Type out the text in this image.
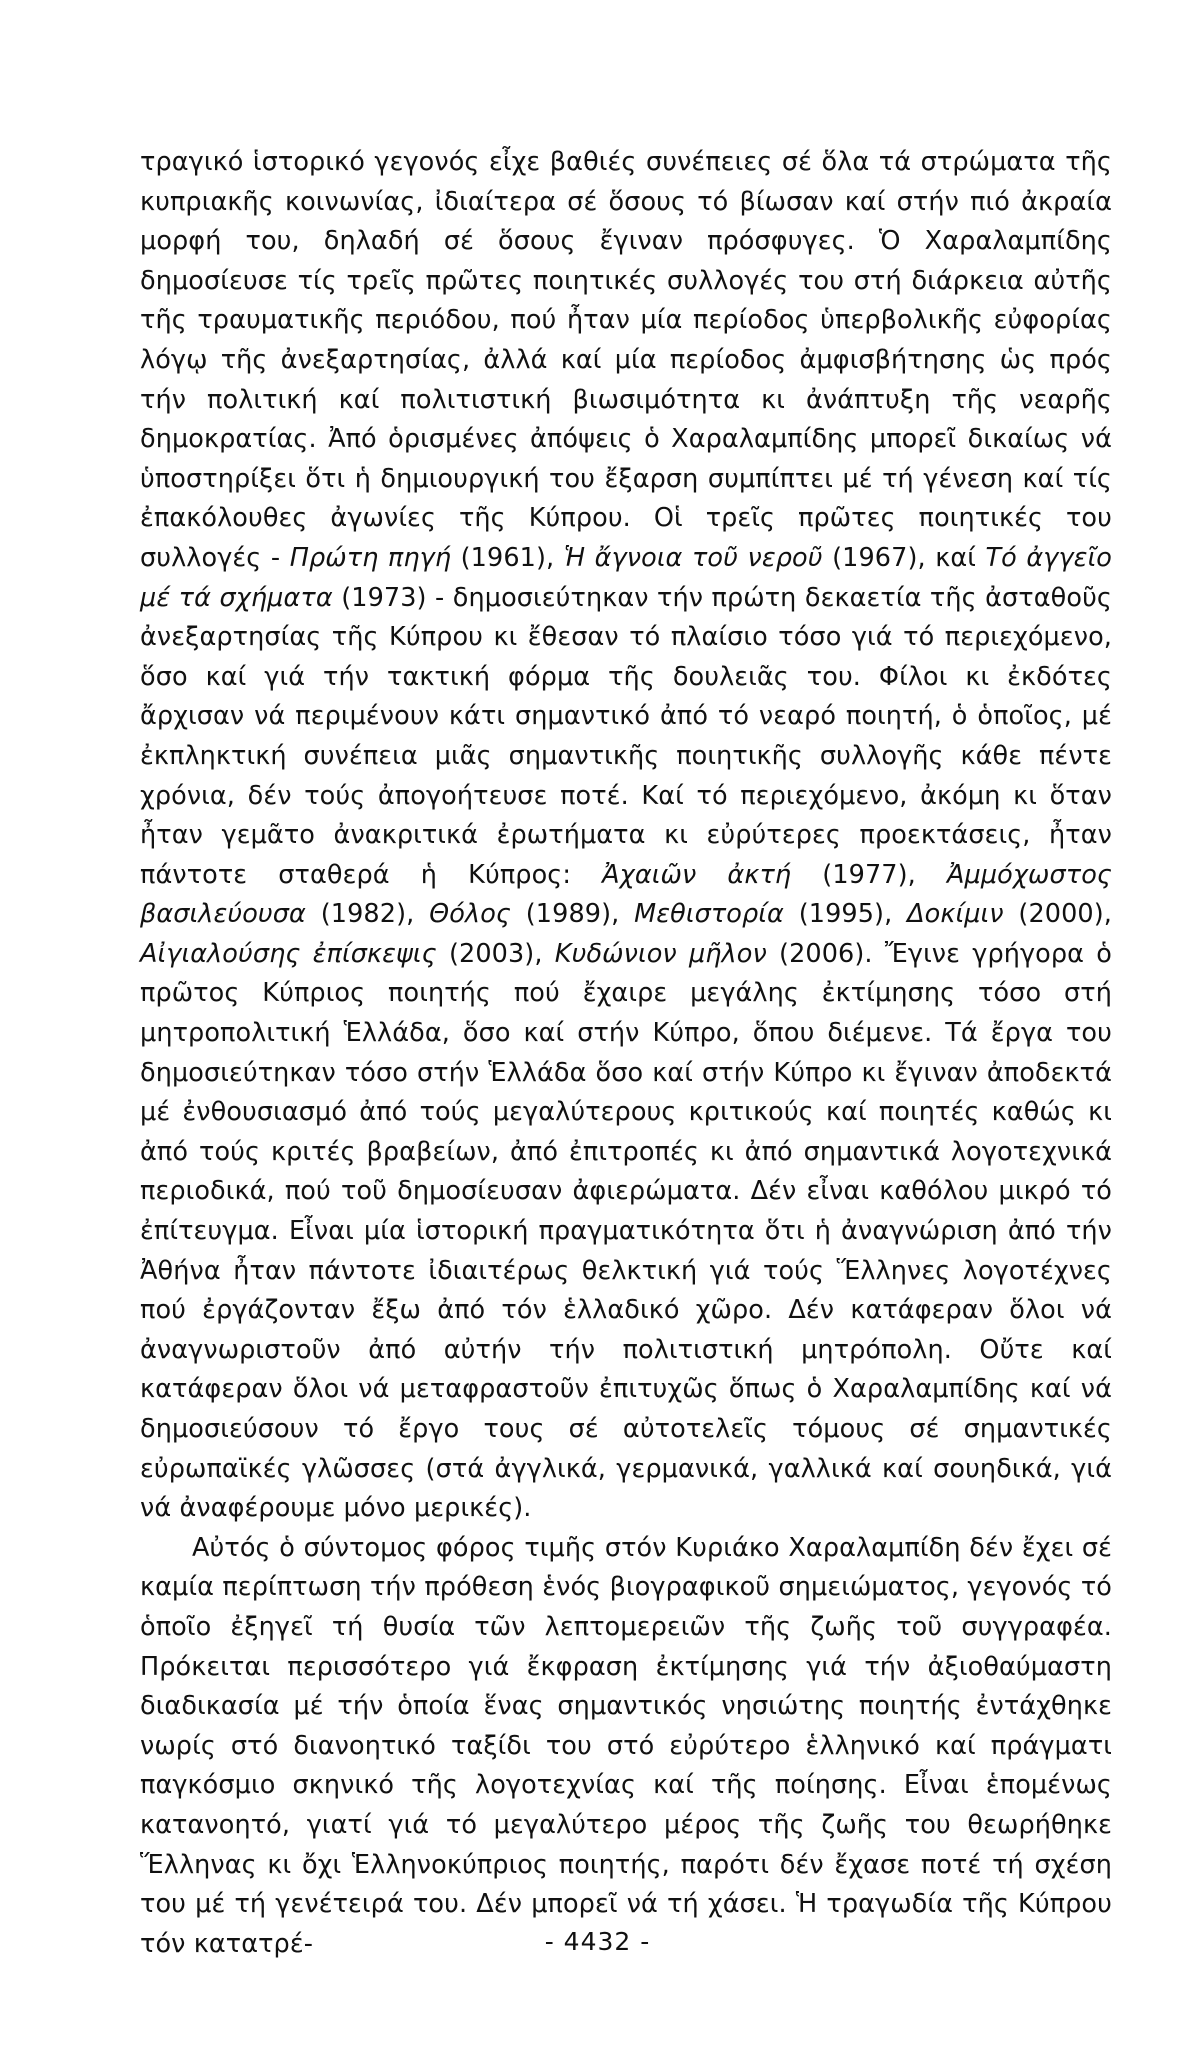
τραγικό ἱστορικό γεγονός εἶχε βαθιές συνέπειες σέ ὅλα τά στρώματα τῆς κυπριακῆς κοινωνίας, ἰδιαίτερα σέ ὅσους τό βίωσαν καί στήν πιό ἀκραία μορφή του, δηλαδή σέ ὅσους ἔγιναν πρόσφυγες. Ὁ Χαραλαμπίδης δημοσίευσε τίς τρεῖς πρῶτες ποιητικές συλλογές του στή διάρκεια αὐτῆς τῆς τραυματικῆς περιόδου, πού ἦταν μία περίοδος ὑπερβολικῆς εὐφορίας λόγῳ τῆς ἀνεξαρτησίας, ἀλλά καί μία περίοδος ἀμφισβήτησης ὡς πρός τήν πολιτική καί πολιτιστική βιωσιμότητα κι ἀνάπτυξη τῆς νεαρῆς δημοκρατίας. Ἀπό ὁρισμένες ἀπόψεις ὁ Χαραλαμπίδης μπορεῖ δικαίως νά ὑποστηρίξει ὅτι ἡ δημιουργική του ἔξαρση συμπίπτει μέ τή γένεση καί τίς ἐπακόλουθες ἀγωνίες τῆς Κύπρου. Οἱ τρεῖς πρῶτες ποιητικές του συλλογές - Πρώτη πηγή (1961), Ἡ ἄγνοια τοῦ νεροῦ (1967), καί Τό ἀγγεῖο μέ τά σχήματα (1973) - δημοσιεύτηκαν τήν πρώτη δεκαετία τῆς ἀσταθοῦς ἀνεξαρτησίας τῆς Κύπρου κι ἔθεσαν τό πλαίσιο τόσο γιά τό περιεχόμενο, ὅσο καί γιά τήν τακτική φόρμα τῆς δουλειᾶς του. Φίλοι κι ἐκδότες ἄρχισαν νά περιμένουν κάτι σημαντικό ἀπό τό νεαρό ποιητή, ὁ ὁποῖος, μέ ἐκπληκτική συνέπεια μιᾶς σημαντικῆς ποιητικῆς συλλογῆς κάθε πέντε χρόνια, δέν τούς ἀπογοήτευσε ποτέ. Καί τό περιεχόμενο, ἀκόμη κι ὅταν ἦταν γεμᾶτο ἀνακριτικά ἐρωτήματα κι εὐρύτερες προεκτάσεις, ἦταν πάντοτε σταθερά ἡ Κύπρος: Ἀχαιῶν ἀκτή (1977), Ἀμμόχωστος βασιλεύουσα (1982), Θόλος (1989), Μεθιστορία (1995), Δοκίμιν (2000), Αἰγιαλούσης ἐπίσκεψις (2003), Κυδώνιον μῆλον (2006). Ἔγινε γρήγορα ὁ πρῶτος Κύπριος ποιητής πού ἔχαιρε μεγάλης ἐκτίμησης τόσο στή μητροπολιτική Ἑλλάδα, ὅσο καί στήν Κύπρο, ὅπου διέμενε. Τά ἔργα του δημοσιεύτηκαν τόσο στήν Ἑλλάδα ὅσο καί στήν Κύπρο κι ἔγιναν ἀποδεκτά μέ ἐνθουσιασμό ἀπό τούς μεγαλύτερους κριτικούς καί ποιητές καθώς κι ἀπό τούς κριτές βραβείων, ἀπό ἐπιτροπές κι ἀπό σημαντικά λογοτεχνικά περιοδικά, πού τοῦ δημοσίευσαν ἀφιερώματα. Δέν εἶναι καθόλου μικρό τό ἐπίτευγμα. Εἶναι μία ἱστορική πραγματικότητα ὅτι ἡ ἀναγνώριση ἀπό τήν Ἀθήνα ἦταν πάντοτε ἰδιαιτέρως θελκτική γιά τούς Ἕλληνες λογοτέχνες πού ἐργάζονταν ἔξω ἀπό τόν ἑλλαδικό χῶρο. Δέν κατάφεραν ὅλοι νά ἀναγνωριστοῦν ἀπό αὐτήν τήν πολιτιστική μητρόπολη. Οὔτε καί κατάφεραν ὅλοι νά μεταφραστοῦν ἐπιτυχῶς ὅπως ὁ Χαραλαμπίδης καί νά δημοσιεύσουν τό ἔργο τους σέ αὐτοτελεῖς τόμους σέ σημαντικές εὐρωπαϊκές γλῶσσες (στά ἀγγλικά, γερμανικά, γαλλικά καί σουηδικά, γιά νά ἀναφέρουμε μόνο μερικές).

Αὐτός ὁ σύντομος φόρος τιμῆς στόν Κυριάκο Χαραλαμπίδη δέν ἔχει σέ καμία περίπτωση τήν πρόθεση ἑνός βιογραφικοῦ σημειώματος, γεγονός τό ὁποῖο ἐξηγεῖ τή θυσία τῶν λεπτομερειῶν τῆς ζωῆς τοῦ συγγραφέα. Πρόκειται περισσότερο γιά ἔκφραση ἐκτίμησης γιά τήν ἀξιοθαύμαστη διαδικασία μέ τήν ὁποία ἕνας σημαντικός νησιώτης ποιητής ἐντάχθηκε νωρίς στό διανοητικό ταξίδι του στό εὐρύτερο ἑλληνικό καί πράγματι παγκόσμιο σκηνικό τῆς λογοτεχνίας καί τῆς ποίησης. Εἶναι ἑπομένως κατανοητό, γιατί γιά τό μεγαλύτερο μέρος τῆς ζωῆς του θεωρήθηκε Ἕλληνας κι ὄχι Ἑλληνοκύπριος ποιητής, παρότι δέν ἔχασε ποτέ τή σχέση του μέ τή γενέτειρά του. Δέν μπορεῖ νά τή χάσει. Ἡ τραγωδία τῆς Κύπρου τόν κατατρέ-	- 4432 -
